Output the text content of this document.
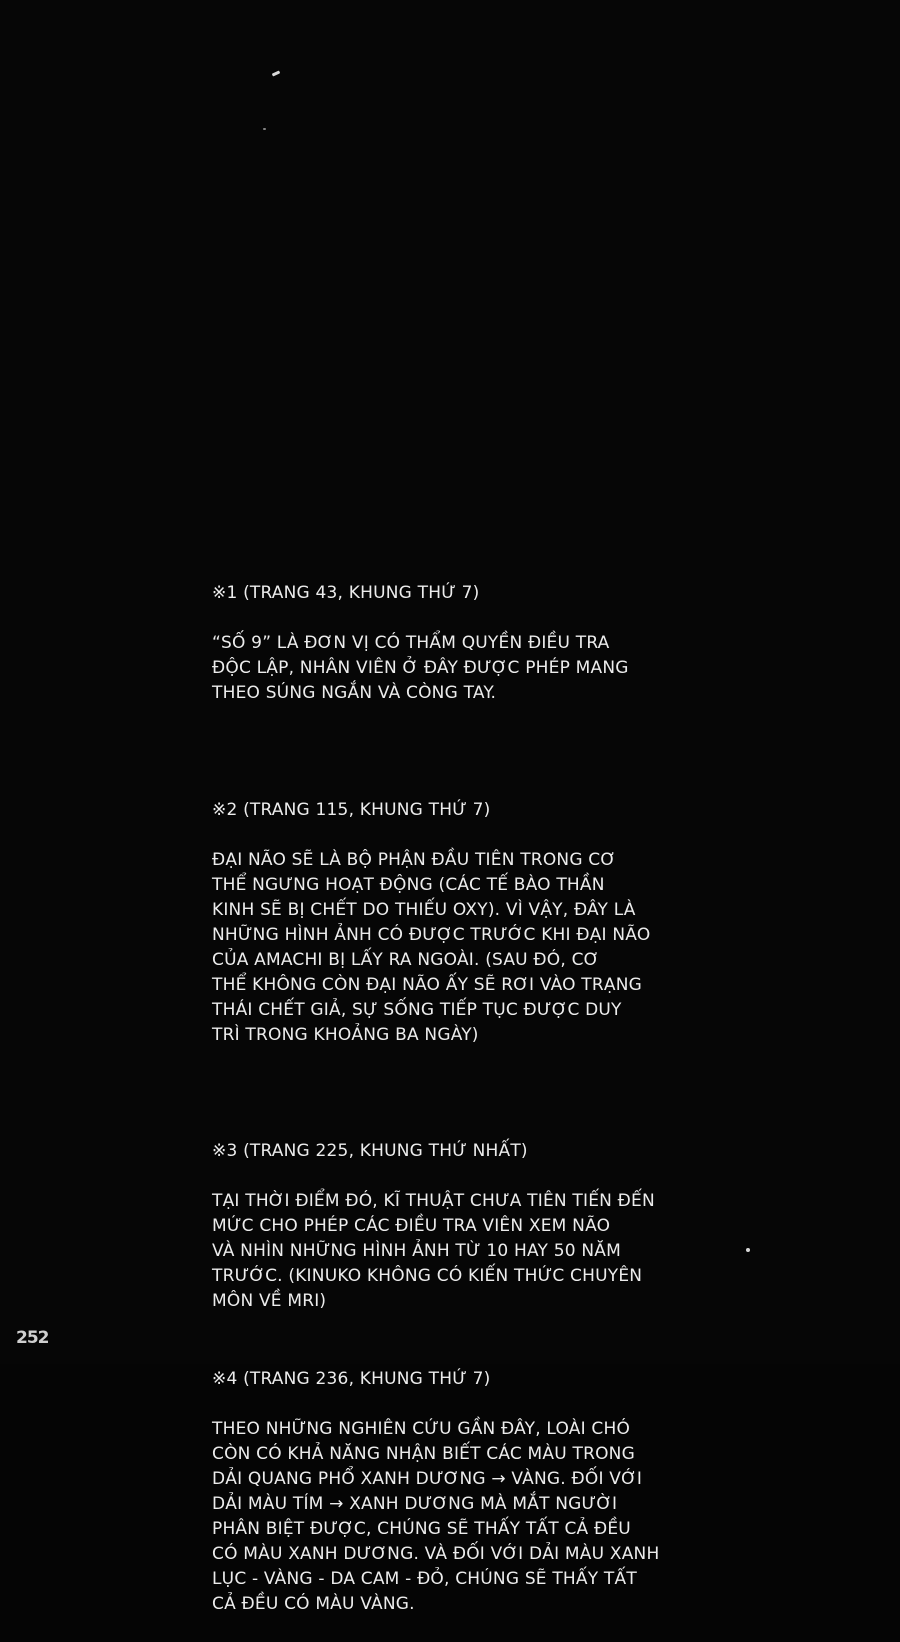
※1 (TRANG 43, KHUNG THỨ 7)

“SỐ 9” LÀ ĐƠN VỊ CÓ THẨM QUYỀN ĐIỀU TRA
ĐỘC LẬP, NHÂN VIÊN Ở ĐÂY ĐƯỢC PHÉP MANG
THEO SÚNG NGẮN VÀ CÒNG TAY.

※2 (TRANG 115, KHUNG THỨ 7)

ĐẠI NÃO SẼ LÀ BỘ PHẬN ĐẦU TIÊN TRONG CƠ
THỂ NGƯNG HOẠT ĐỘNG (CÁC TẾ BÀO THẦN
KINH SẼ BỊ CHẾT DO THIẾU OXY). VÌ VẬY, ĐÂY LÀ
NHỮNG HÌNH ẢNH CÓ ĐƯỢC TRƯỚC KHI ĐẠI NÃO
CỦA AMACHI BỊ LẤY RA NGOÀI. (SAU ĐÓ, CƠ
THỂ KHÔNG CÒN ĐẠI NÃO ẤY SẼ RƠI VÀO TRẠNG
THÁI CHẾT GIẢ, SỰ SỐNG TIẾP TỤC ĐƯỢC DUY
TRÌ TRONG KHOẢNG BA NGÀY)

※3 (TRANG 225, KHUNG THỨ NHẤT)

TẠI THỜI ĐIỂM ĐÓ, KĨ THUẬT CHƯA TIÊN TIẾN ĐẾN
MỨC CHO PHÉP CÁC ĐIỀU TRA VIÊN XEM NÃO
VÀ NHÌN NHỮNG HÌNH ẢNH TỪ 10 HAY 50 NĂM
TRƯỚC. (KINUKO KHÔNG CÓ KIẾN THỨC CHUYÊN
MÔN VỀ MRI)

※4 (TRANG 236, KHUNG THỨ 7)

THEO NHỮNG NGHIÊN CỨU GẦN ĐÂY, LOÀI CHÓ
CÒN CÓ KHẢ NĂNG NHẬN BIẾT CÁC MÀU TRONG
DẢI QUANG PHỔ XANH DƯƠNG → VÀNG. ĐỐI VỚI
DẢI MÀU TÍM → XANH DƯƠNG MÀ MẮT NGƯỜI
PHÂN BIỆT ĐƯỢC, CHÚNG SẼ THẤY TẤT CẢ ĐỀU
CÓ MÀU XANH DƯƠNG. VÀ ĐỐI VỚI DẢI MÀU XANH
LỤC - VÀNG - DA CAM - ĐỎ, CHÚNG SẼ THẤY TẤT
CẢ ĐỀU CÓ MÀU VÀNG.

252
